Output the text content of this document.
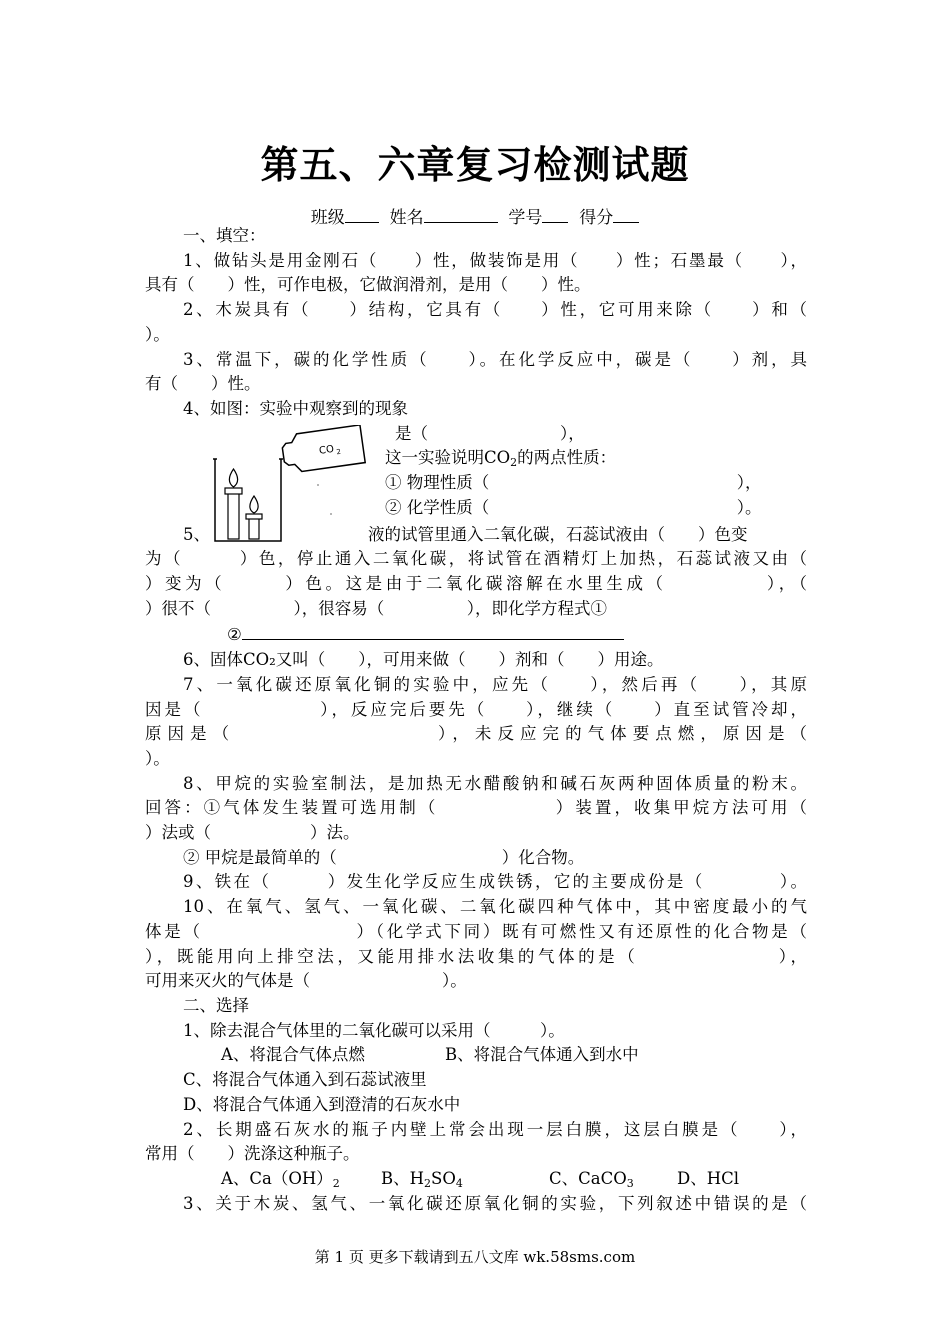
第五、六章复习检测试题
班级	姓名	学号 得分

一、填空：

1、做钻头是用金刚石（　　）性，做装饰是用（　　）性；石墨最（　　），

具有（　　）性，可作电极，它做润滑剂，是用（　　）性。

2、木炭具有（　　）结构，它具有（　　）性，它可用来除（　　）和（

）。

3、常温下，碳的化学性质（　　）。在化学反应中，碳是（　　）剂，具

有（　　）性。

4、如图：实验中观察到的现象

CO 2

是（　　　　　　　　），

这一实验说明$CO_2$的两点性质：

① 物理性质（　　　　　　　　　　　　　　　），

② 化学性质（　　　　　　　　　　　　　　　）。

5、	液的试管里通入二氧化碳，石蕊试液由（　　）色变

为（　　　）色，停止通入二氧化碳，将试管在酒精灯上加热，石蕊试液又由（

）变为（　　　）色。这是由于二氧化碳溶解在水里生成（　　　　　），（

）很不（　　　　　），很容易（　　　　　），即化学方程式①

②

6、固体CO₂又叫（　　），可用来做（　　）剂和（　　）用途。

7、一氧化碳还原氧化铜的实验中，应先（　　），然后再（　　），其原

因是（　　　　　　），反应完后要先（　　），继续（　　）直至试管冷却，

原因是（　　　　　　　　　），未反应完的气体要点燃，原因是（

）。

8、甲烷的实验室制法，是加热无水醋酸钠和碱石灰两种固体质量的粉末。

回答：①气体发生装置可选用制（　　　　　　）装置，收集甲烷方法可用（

）法或（　　　　　　）法。

② 甲烷是最简单的（　　　　　　　　　　）化合物。

9、铁在（　　　）发生化学反应生成铁锈，它的主要成份是（　　　　）。

10、在氧气、氢气、一氧化碳、二氧化碳四种气体中，其中密度最小的气

体是（　　　　　　　　）（化学式下同）既有可燃性又有还原性的化合物是（

），既能用向上排空法，又能用排水法收集的气体的是（　　　　　　　），

可用来灭火的气体是（　　　　　　　　）。

二、选择

1、除去混合气体里的二氧化碳可以采用（　　　）。

A、将混合气体点燃	B、将混合气体通入到水中

C、将混合气体通入到石蕊试液里

D、将混合气体通入到澄清的石灰水中

2、长期盛石灰水的瓶子内壁上常会出现一层白膜，这层白膜是（　　），

常用（　　）洗涤这种瓶子。

A、$Ca(OH)_2$ B、$H_2SO_4$	C、CaCO$_3$	D、HCl

3、关于木炭、氢气、一氧化碳还原氧化铜的实验，下列叙述中错误的是（

第 1 页 更多下载请到五八文库 wk.58sms.com
